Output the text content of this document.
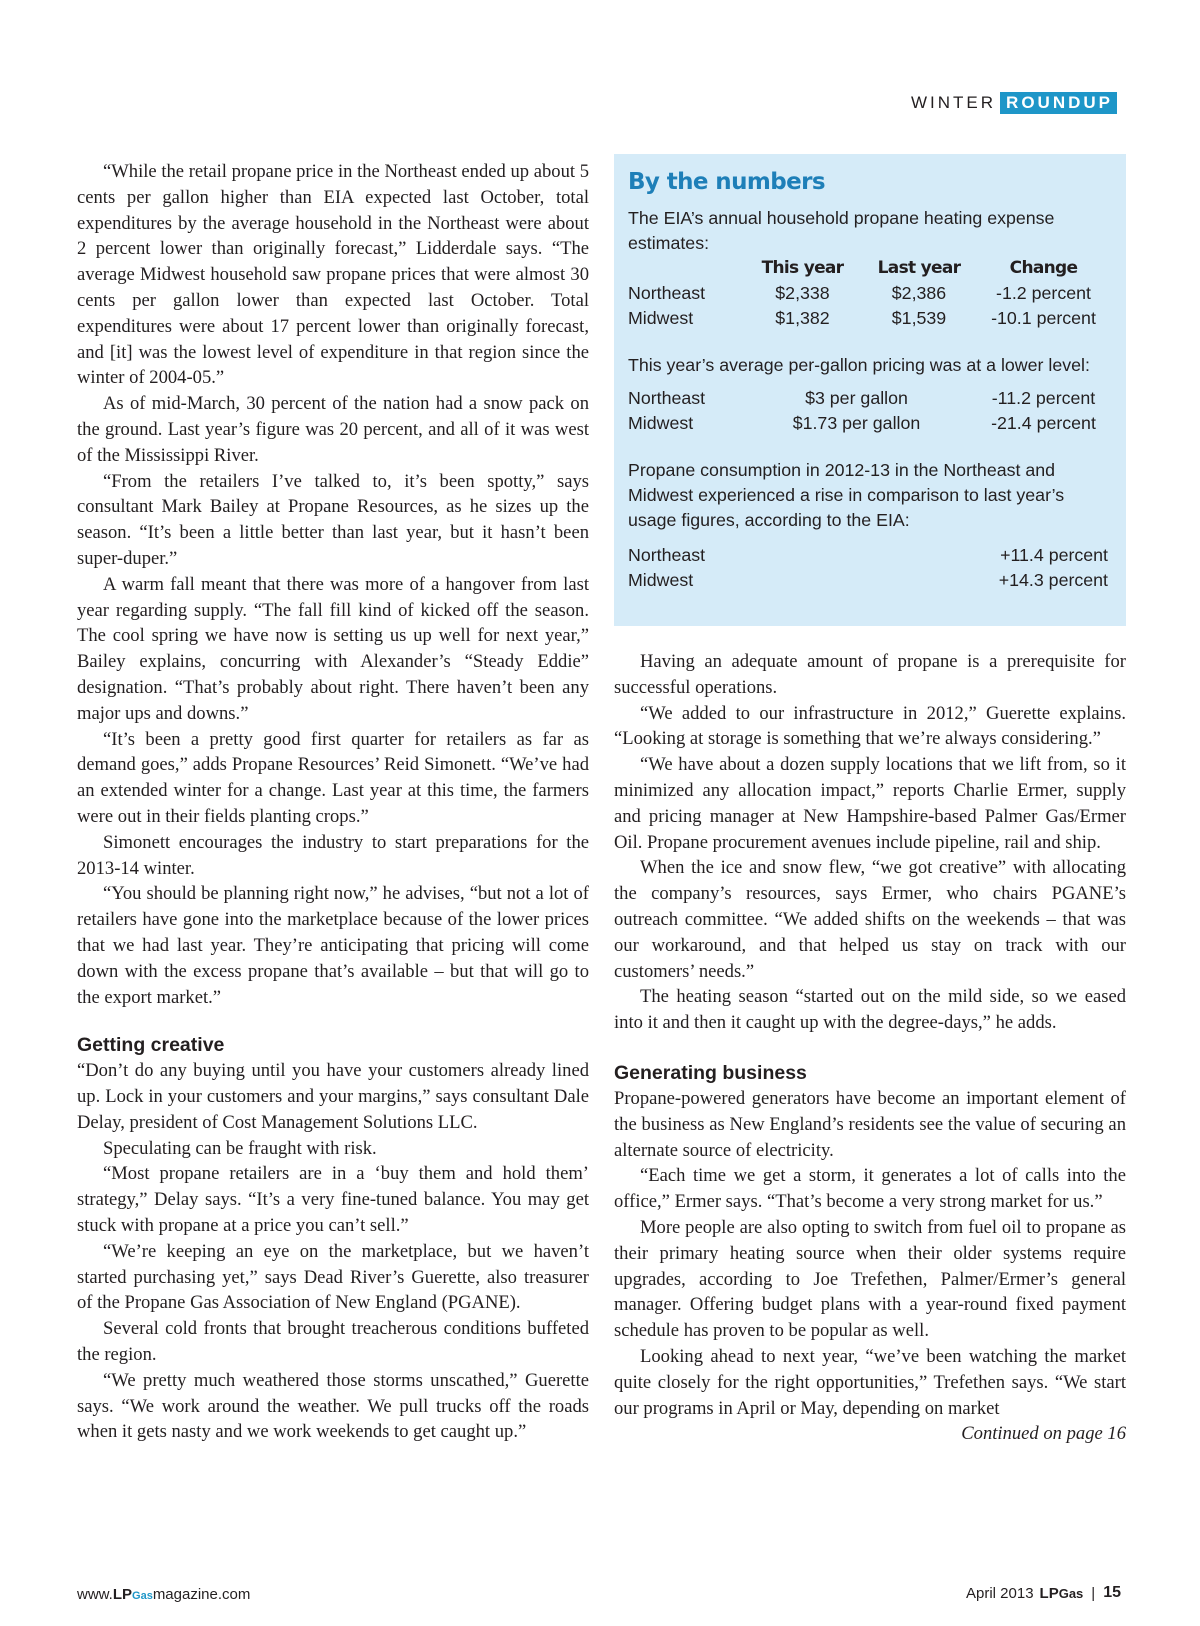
WINTER ROUNDUP

“While the retail propane price in the Northeast ended up about 5 cents per gallon higher than EIA expected last October, total expenditures by the average household in the Northeast were about 2 percent lower than originally forecast,” Lidderdale says. “The average Midwest household saw propane prices that were almost 30 cents per gallon lower than expected last October. Total expenditures were about 17 percent lower than originally forecast, and [it] was the lowest level of expenditure in that region since the winter of 2004-05.”

As of mid-March, 30 percent of the nation had a snow pack on the ground. Last year’s figure was 20 percent, and all of it was west of the Mississippi River.

“From the retailers I’ve talked to, it’s been spotty,” says consultant Mark Bailey at Propane Resources, as he sizes up the season. “It’s been a little better than last year, but it hasn’t been super-duper.”

A warm fall meant that there was more of a hangover from last year regarding supply. “The fall fill kind of kicked off the season. The cool spring we have now is setting us up well for next year,” Bailey explains, concurring with Alexander’s “Steady Eddie” designation. “That’s probably about right. There haven’t been any major ups and downs.”

“It’s been a pretty good first quarter for retailers as far as demand goes,” adds Propane Resources’ Reid Simonett. “We’ve had an extended winter for a change. Last year at this time, the farmers were out in their fields planting crops.”

Simonett encourages the industry to start preparations for the 2013-14 winter.

“You should be planning right now,” he advises, “but not a lot of retailers have gone into the marketplace because of the lower prices that we had last year. They’re anticipating that pricing will come down with the excess propane that’s available – but that will go to the export market.”

Getting creative

“Don’t do any buying until you have your customers already lined up. Lock in your customers and your margins,” says consultant Dale Delay, president of Cost Management Solutions LLC.

Speculating can be fraught with risk.

“Most propane retailers are in a ‘buy them and hold them’ strategy,” Delay says. “It’s a very fine-tuned balance. You may get stuck with propane at a price you can’t sell.”

“We’re keeping an eye on the marketplace, but we haven’t started purchasing yet,” says Dead River’s Guerette, also treasurer of the Propane Gas Association of New England (PGANE).

Several cold fronts that brought treacherous conditions buffeted the region.

“We pretty much weathered those storms unscathed,” Guerette says. “We work around the weather. We pull trucks off the roads when it gets nasty and we work weekends to get caught up.”

By the numbers

The EIA’s annual household propane heating expense estimates:

	This year	Last year	Change
Northeast	$2,338	$2,386	-1.2 percent
Midwest	$1,382	$1,539	-10.1 percent

This year’s average per-gallon pricing was at a lower level:

Northeast	$3 per gallon	-11.2 percent
Midwest	$1.73 per gallon	-21.4 percent

Propane consumption in 2012-13 in the Northeast and Midwest experienced a rise in comparison to last year’s usage figures, according to the EIA:

Northeast	+11.4 percent
Midwest	+14.3 percent

Having an adequate amount of propane is a prerequisite for successful operations.

“We added to our infrastructure in 2012,” Guerette explains. “Looking at storage is something that we’re always considering.”

“We have about a dozen supply locations that we lift from, so it minimized any allocation impact,” reports Charlie Ermer, supply and pricing manager at New Hampshire-based Palmer Gas/Ermer Oil. Propane procurement avenues include pipeline, rail and ship.

When the ice and snow flew, “we got creative” with allocating the company’s resources, says Ermer, who chairs PGANE’s outreach committee. “We added shifts on the weekends – that was our workaround, and that helped us stay on track with our customers’ needs.”

The heating season “started out on the mild side, so we eased into it and then it caught up with the degree-days,” he adds.

Generating business

Propane-powered generators have become an important element of the business as New England’s residents see the value of securing an alternate source of electricity.

“Each time we get a storm, it generates a lot of calls into the office,” Ermer says. “That’s become a very strong market for us.”

More people are also opting to switch from fuel oil to propane as their primary heating source when their older systems require upgrades, according to Joe Trefethen, Palmer/Ermer’s general manager. Offering budget plans with a year-round fixed payment schedule has proven to be popular as well.

Looking ahead to next year, “we’ve been watching the market quite closely for the right opportunities,” Trefethen says. “We start our programs in April or May, depending on market

Continued on page 16

www.LPGasmagazine.com	April 2013 LP Gas | 15
